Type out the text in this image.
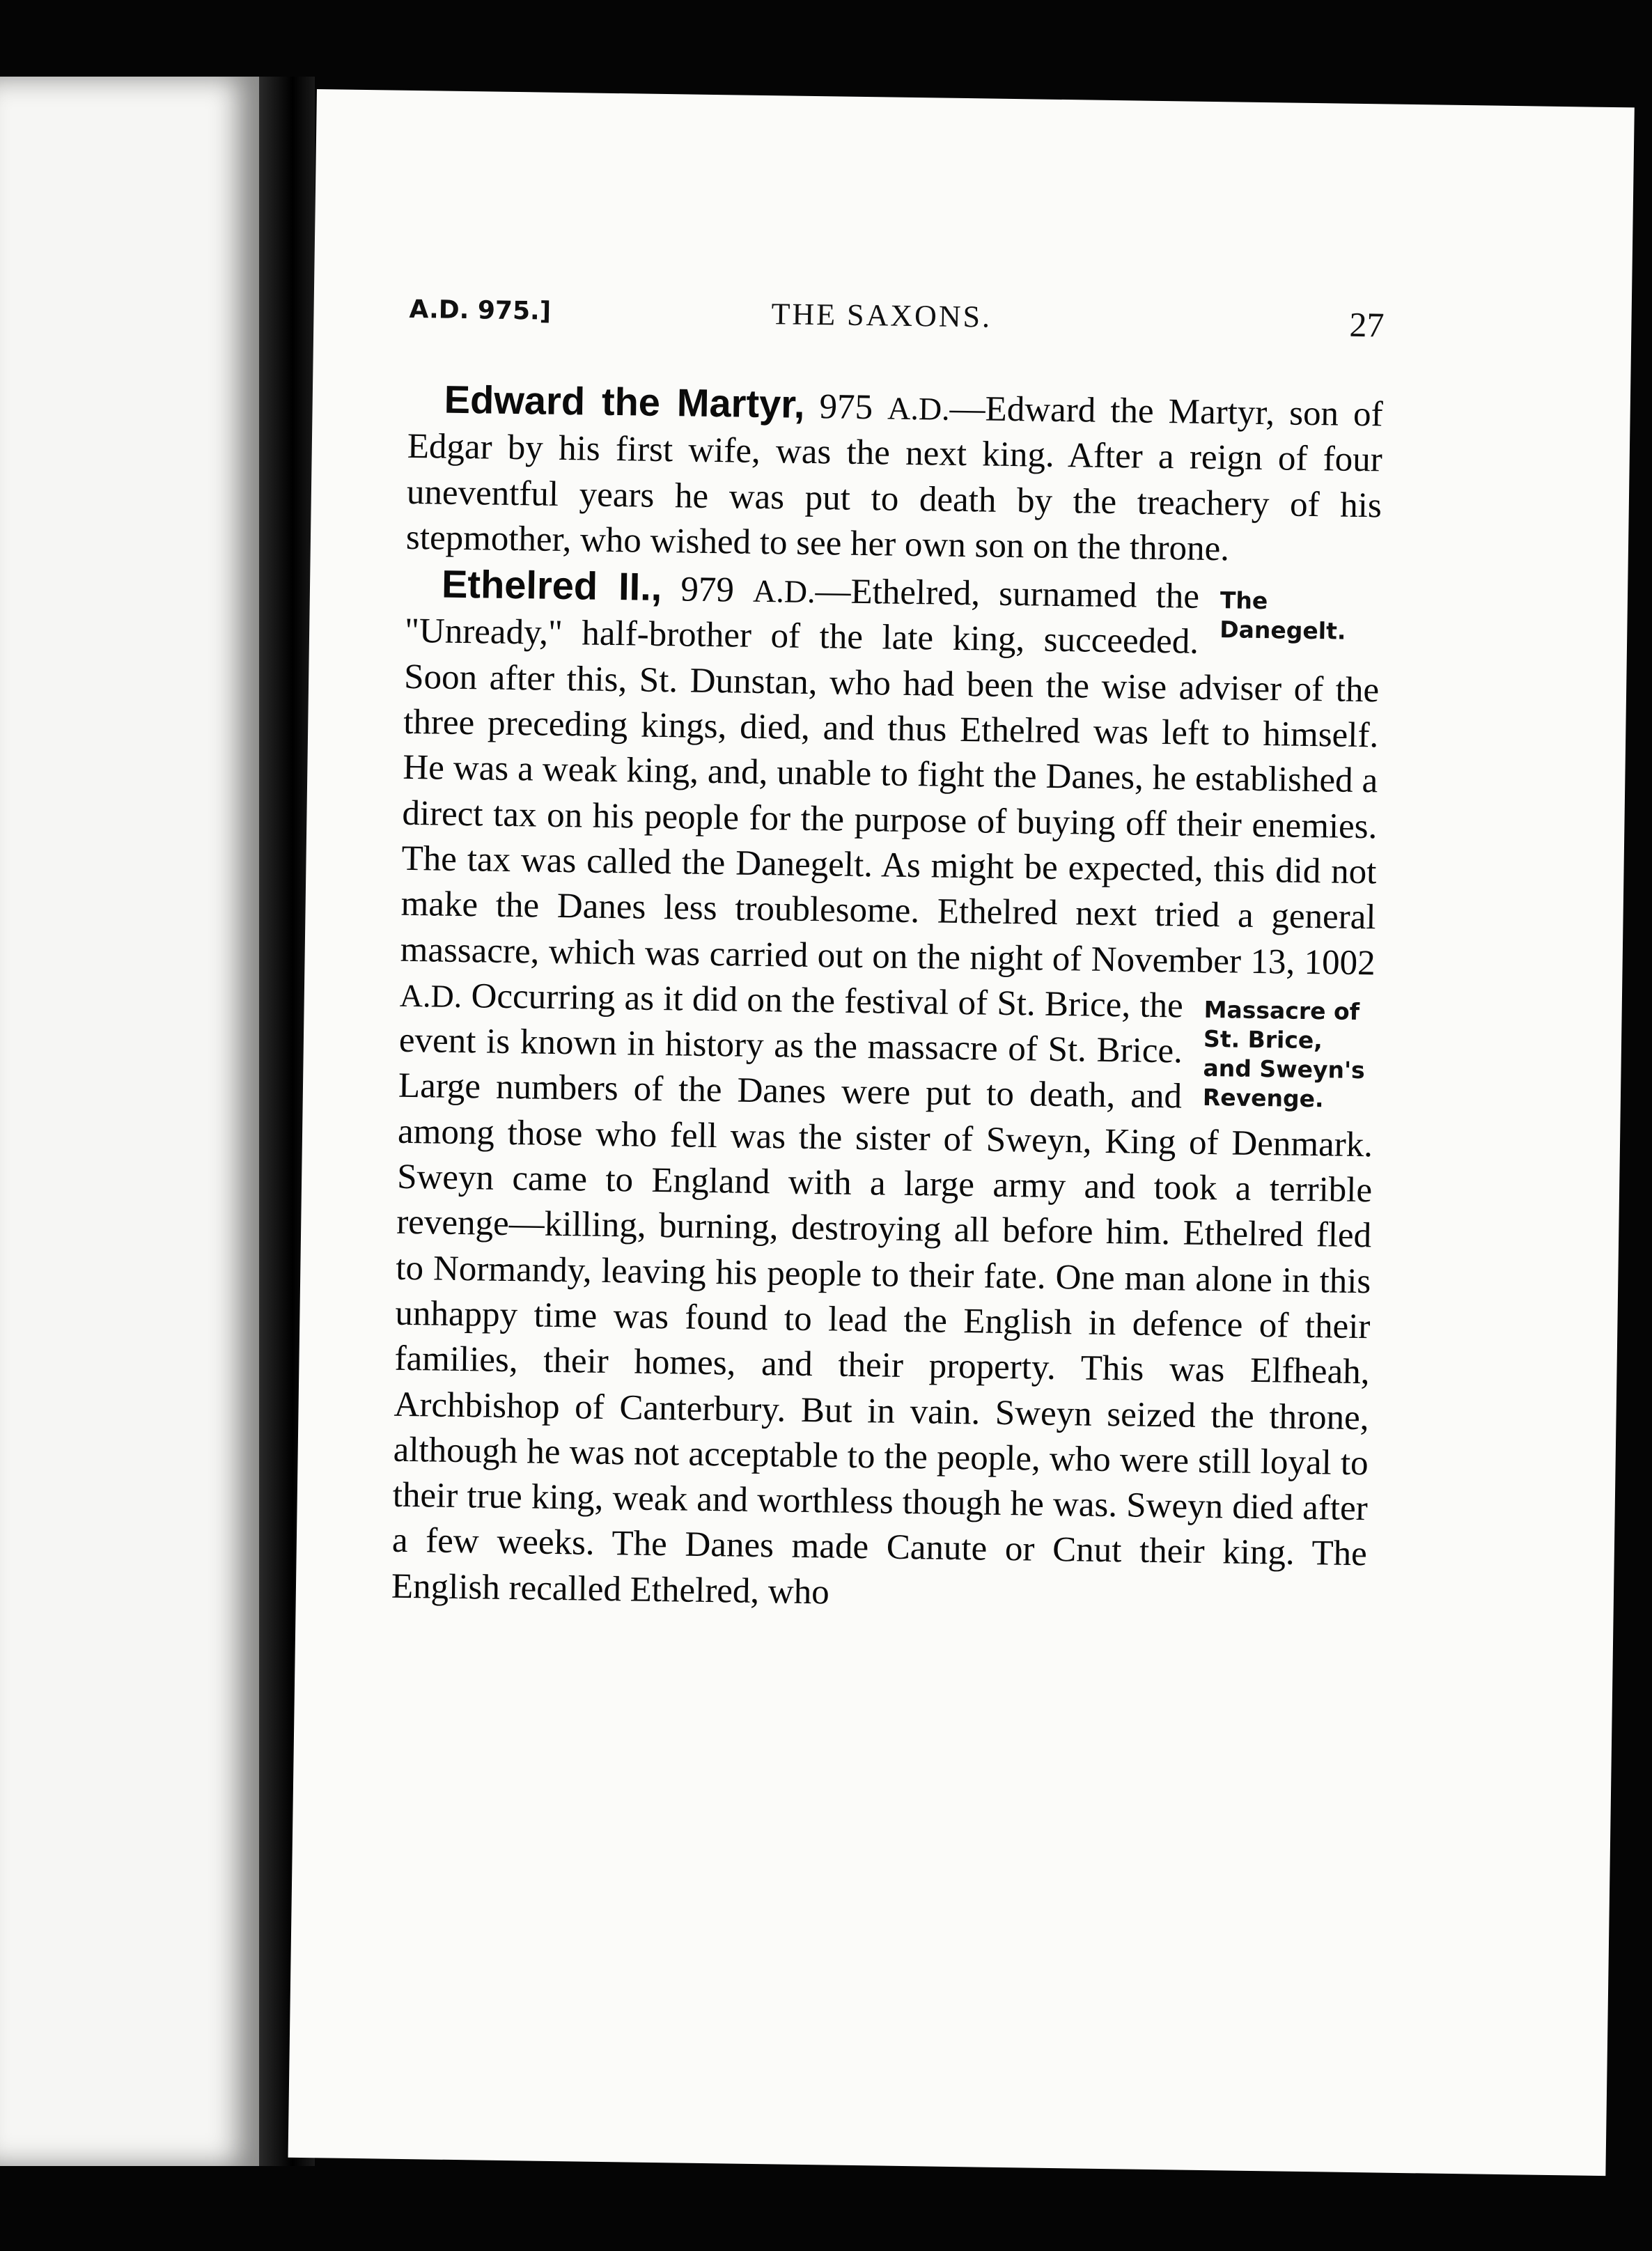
A.D. 975.]	THE SAXONS.	27

Edward the Martyr, 975 A.D.—Edward the Martyr, son of Edgar by his first wife, was the next king. After a reign of four uneventful years he was put to death by the treachery of his stepmother, who wished to see her own son on the throne.

Ethelred II., 979 A.D.	The Danegelt.
—Ethelred, surnamed the "Unready," half-brother of the late king, succeeded. Soon after this, St. Dunstan, who had been the wise adviser of the three preceding kings, died, and thus Ethelred was left to himself. He was a weak king, and, unable to fight the Danes, he established a direct tax on his people for the purpose of buying off their enemies. The tax was called the Danegelt. As might be expected, this did not make the Danes less troublesome. Ethelred next tried a general massacre, which was carried out on the night of November 13, 1002 A.D.	Massacre of St. Brice, and Sweyn's Revenge.
Occurring as it did on the festival of St. Brice, the event is known in history as the massacre of St. Brice. Large numbers of the Danes were put to death, and among those who fell was the sister of Sweyn, King of Denmark. Sweyn came to England with a large army and took a terrible revenge—killing, burning, destroying all before him. Ethelred fled to Normandy, leaving his people to their fate. One man alone in this unhappy time was found to lead the English in defence of their families, their homes, and their property. This was Elfheah, Archbishop of Canterbury. But in vain. Sweyn seized the throne, although he was not acceptable to the people, who were still loyal to their true king, weak and worthless though he was. Sweyn died after a few weeks. The Danes made Canute or Cnut their king. The English recalled Ethelred, who
